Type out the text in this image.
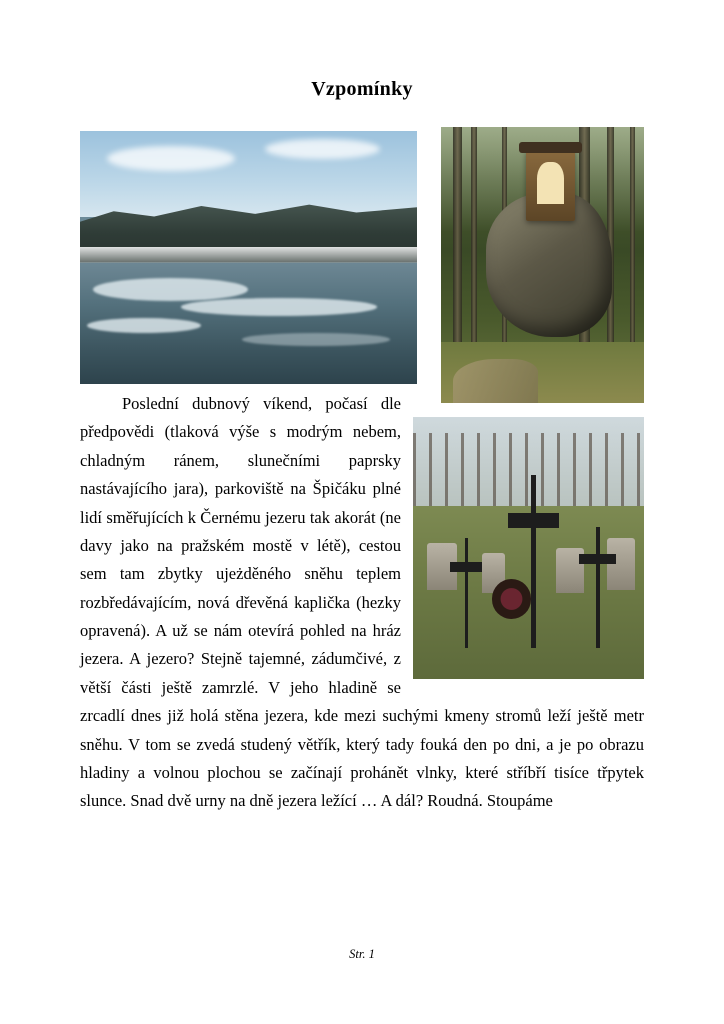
Vzpomínky

Poslední dubnový víkend, počasí dle předpovědi (tlaková výše s modrým nebem, chladným ránem, slunečními paprsky nastávajícího jara), parkoviště na Špičáku plné lidí směřujících k Černému jezeru tak akorát (ne davy jako na pražském mostě v létě), cestou sem tam zbytky ujeżděného sněhu teplem rozbředávajícím, nová dřevěná kaplička (hezky opravená). A už se nám otevírá pohled na hráz jezera. A jezero? Stejně tajemné, zádumčivé, z větší části ještě zamrzlé. V jeho hladině se zrcadlí dnes již holá stěna jezera, kde mezi suchými kmeny stromů leží ještě metr sněhu. V tom se zvedá studený větřík, který tady fouká den po dni, a je po obrazu hladiny a volnou plochou se začínají prohánět vlnky, které stříbří tisíce třpytek slunce. Snad dvě urny na dně jezera ležící … A dál? Roudná. Stoupáme

Str. 1
